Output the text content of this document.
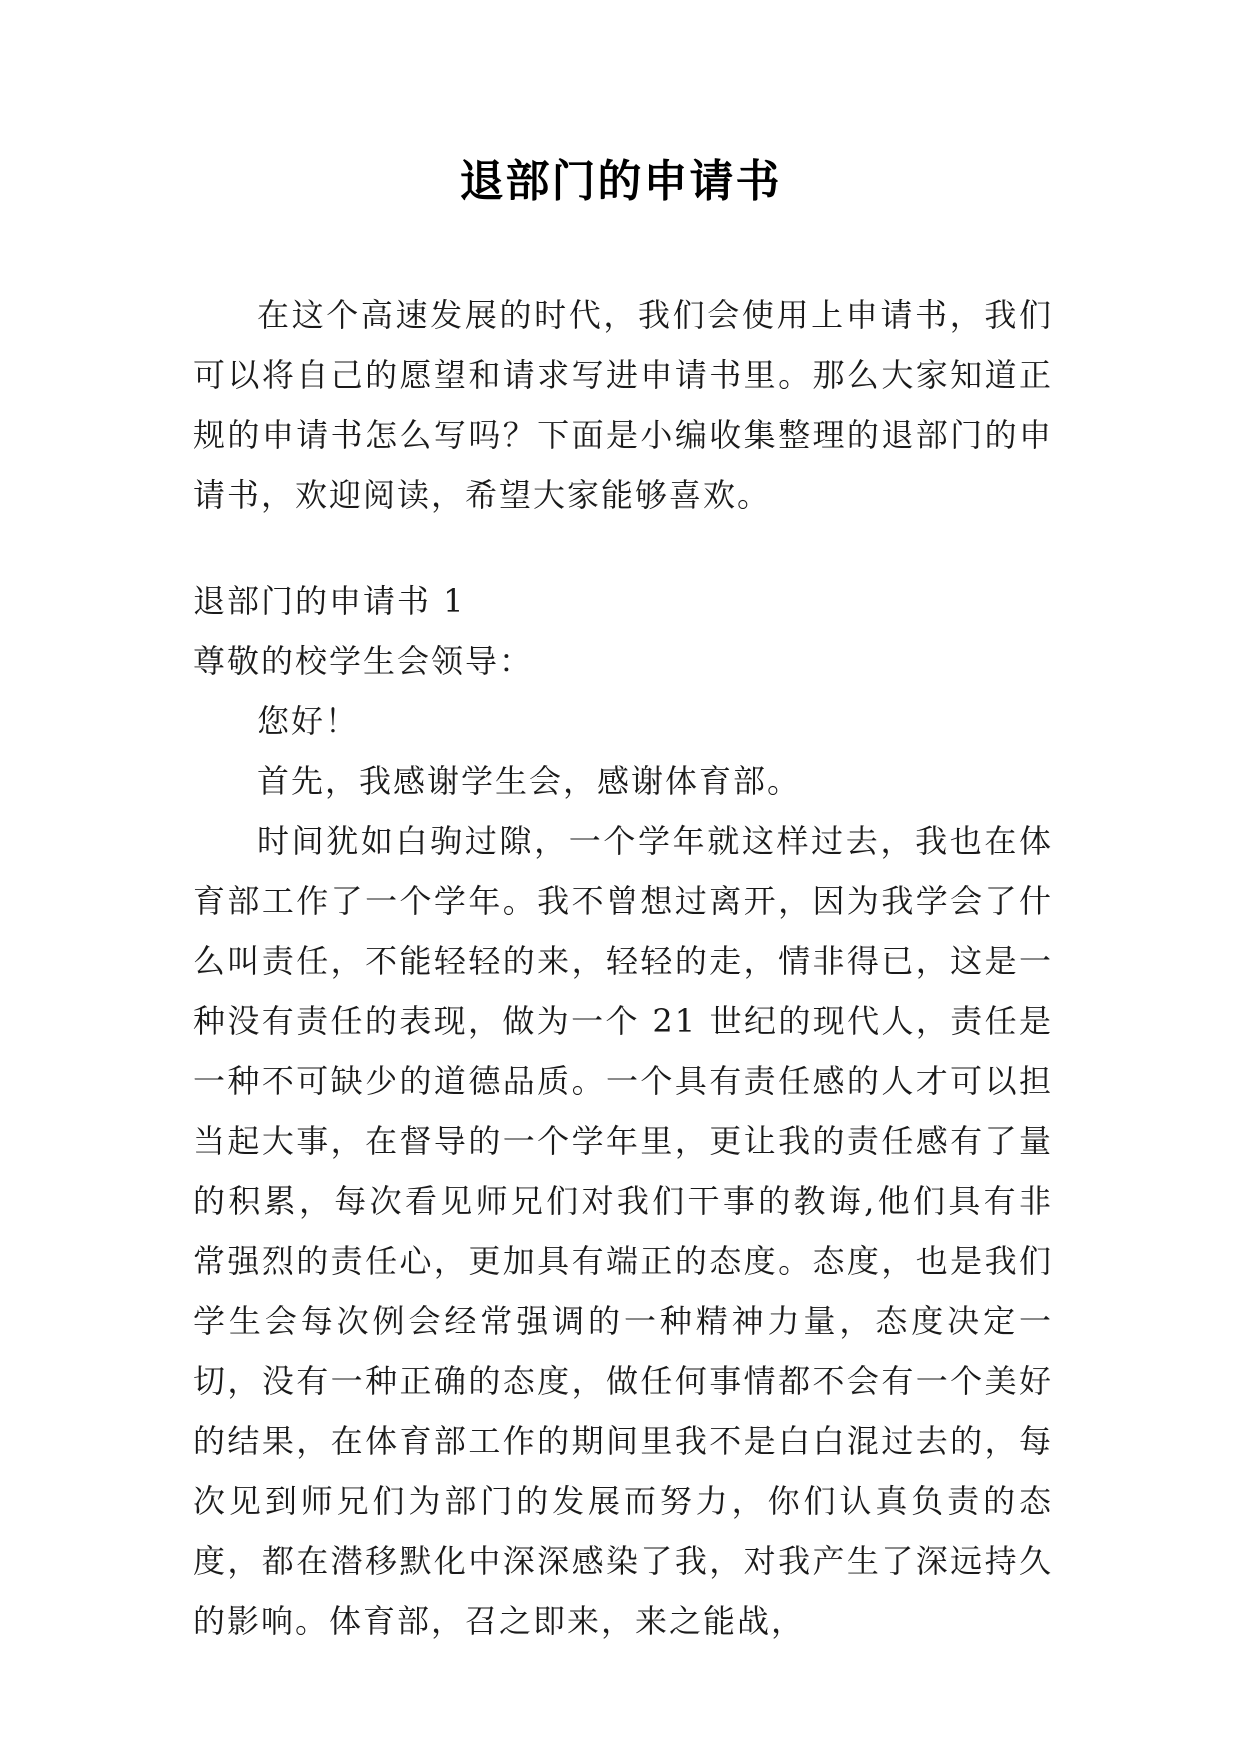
退部门的申请书

在这个高速发展的时代，我们会使用上申请书，我们可以将自己的愿望和请求写进申请书里。那么大家知道正规的申请书怎么写吗？下面是小编收集整理的退部门的申请书，欢迎阅读，希望大家能够喜欢。

退部门的申请书 1

尊敬的校学生会领导：

您好！

首先，我感谢学生会，感谢体育部。

时间犹如白驹过隙，一个学年就这样过去，我也在体育部工作了一个学年。我不曾想过离开，因为我学会了什么叫责任，不能轻轻的来，轻轻的走，情非得已，这是一种没有责任的表现，做为一个 21 世纪的现代人，责任是一种不可缺少的道德品质。一个具有责任感的人才可以担当起大事，在督导的一个学年里，更让我的责任感有了量的积累，每次看见师兄们对我们干事的教诲,他们具有非常强烈的责任心，更加具有端正的态度。态度，也是我们学生会每次例会经常强调的一种精神力量，态度决定一切，没有一种正确的态度，做任何事情都不会有一个美好的结果，在体育部工作的期间里我不是白白混过去的，每次见到师兄们为部门的发展而努力，你们认真负责的态度，都在潜移默化中深深感染了我，对我产生了深远持久的影响。体育部，召之即来，来之能战，
